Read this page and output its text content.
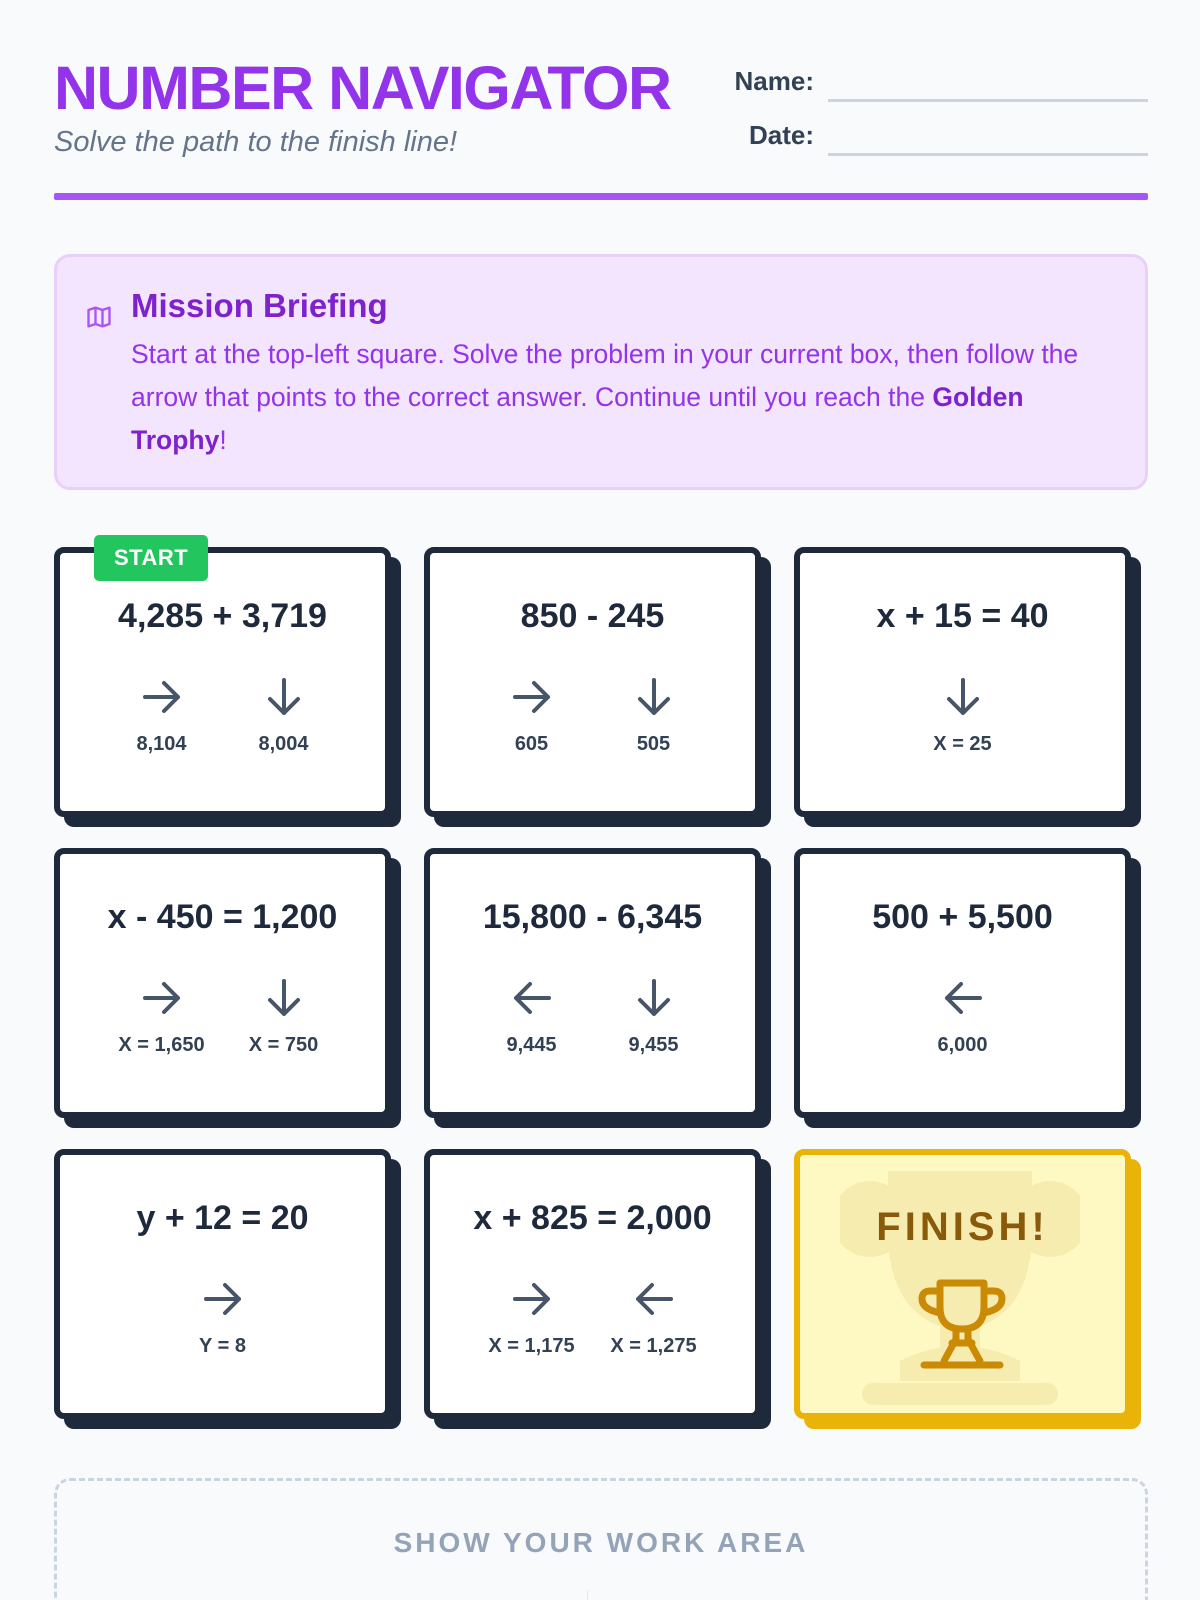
NUMBER NAVIGATOR
Solve the path to the finish line!
Name:
Date:
Mission Briefing
Start at the top-left square. Solve the problem in your current box, then follow the arrow that points to the correct answer. Continue until you reach the Golden Trophy!
START
4,285 + 3,719
8,104	8,004
850 - 245
605	505
x + 15 = 40
X = 25
x - 450 = 1,200
X = 1,650 X = 750
15,800 - 6,345
9,445	9,455
500 + 5,500
6,000
y + 12 = 20
Y = 8
x + 825 = 2,000
X = 1,175 X = 1,275
FINISH!
SHOW YOUR WORK AREA
